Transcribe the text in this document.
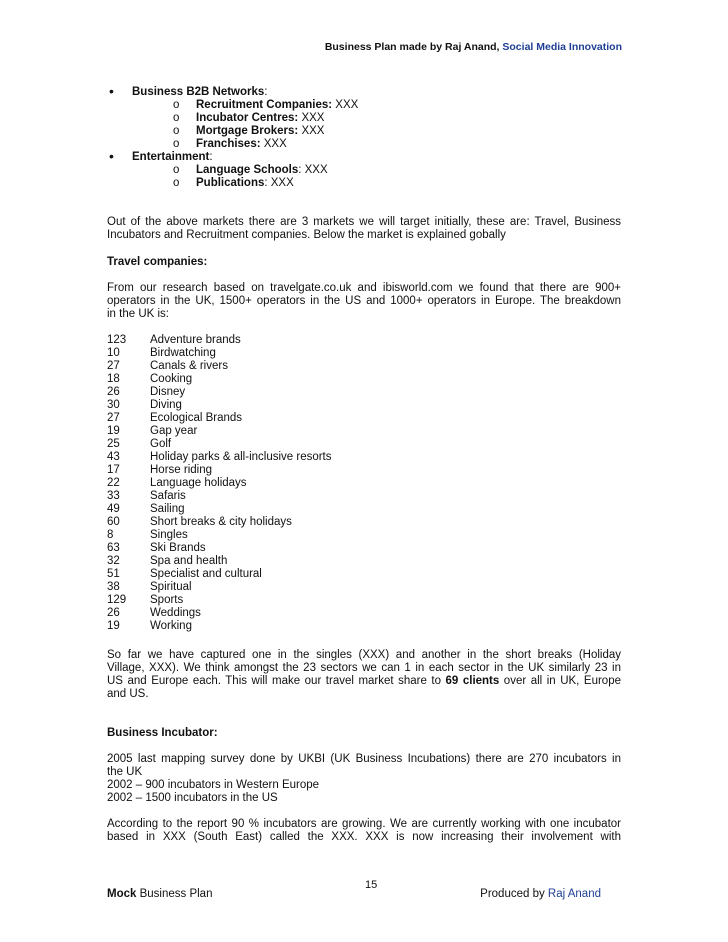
Business Plan made by Raj Anand, Social Media Innovation
• Business B2B Networks:
o Recruitment Companies: XXX
o Incubator Centres: XXX
o Mortgage Brokers: XXX
o Franchises: XXX
• Entertainment:
o Language Schools: XXX
o Publications: XXX

Out of the above markets there are 3 markets we will target initially, these are: Travel, Business
Incubators and Recruitment companies. Below the market is explained gobally

Travel companies:

From our research based on travelgate.co.uk and ibisworld.com we found that there are 900+
operators in the UK, 1500+ operators in the US and 1000+ operators in Europe. The breakdown
in the UK is:

123 Adventure brands
10	Birdwatching
27	Canals & rivers
18	Cooking
26	Disney
30	Diving
27	Ecological Brands
19	Gap year
25	Golf
43	Holiday parks & all-inclusive resorts
17	Horse riding
22	Language holidays
33	Safaris
49	Sailing
60	Short breaks & city holidays
8	Singles
63	Ski Brands
32	Spa and health
51	Specialist and cultural
38	Spiritual
129 Sports
26	Weddings
19	Working

So far we have captured one in the singles (XXX) and another in the short breaks (Holiday
Village, XXX). We think amongst the 23 sectors we can 1 in each sector in the UK similarly 23 in
US and Europe each. This will make our travel market share to 69 clients over all in UK, Europe
and US.

Business Incubator:

2005 last mapping survey done by UKBI (UK Business Incubations) there are 270 incubators in
the UK
2002 – 900 incubators in Western Europe
2002 – 1500 incubators in the US

According to the report 90 % incubators are growing. We are currently working with one incubator
based in XXX (South East) called the XXX. XXX is now increasing their involvement with

15
Mock Business Plan	Produced by Raj Anand
